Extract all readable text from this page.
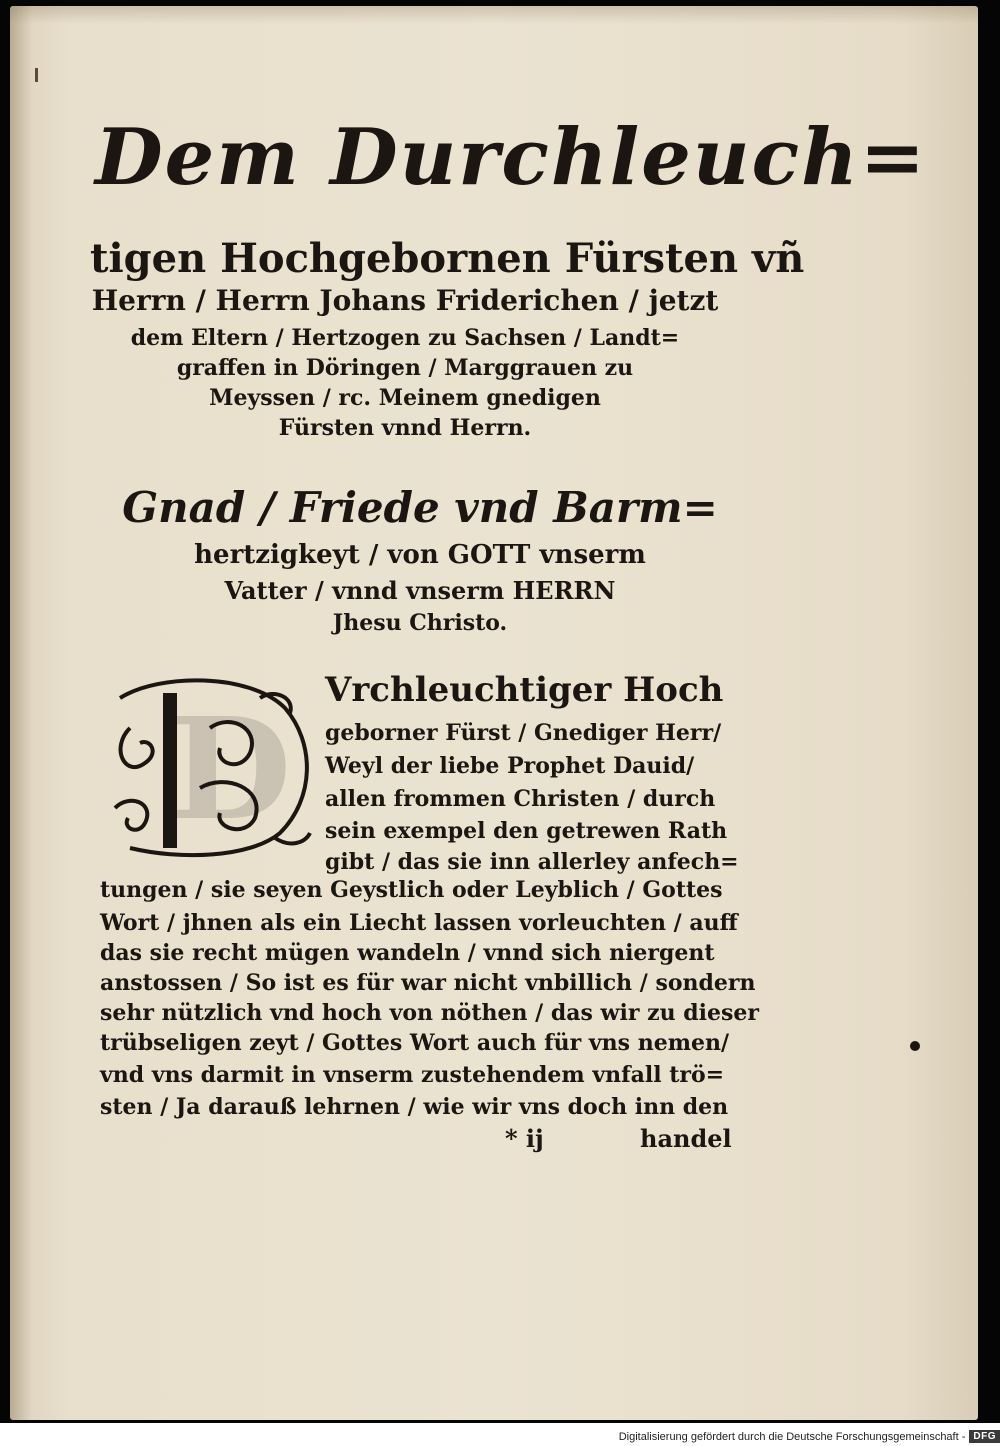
Dem Durchleuch=
tigen Hochgebornen Fürsten vñ
Herrn / Herrn Johans Friderichen / jetzt
dem Eltern / Hertzogen zu Sachsen / Landt=
graffen in Döringen / Marggrauen zu
Meyssen / rc. Meinem gnedigen
Fürsten vnnd Herrn.
Gnad / Friede vnd Barm=
hertzigkeyt / von GOTT vnserm
Vatter / vnnd vnserm HERRN
Jhesu Christo.
D Vrchleuchtiger Hoch
geborner Fürst / Gnediger Herr/
Weyl der liebe Prophet Dauid/
allen frommen Christen / durch
sein exempel den getrewen Rath
gibt / das sie inn allerley anfech=
tungen / sie seyen Geystlich oder Leyblich / Gottes
Wort / jhnen als ein Liecht lassen vorleuchten / auff
das sie recht mügen wandeln / vnnd sich niergent
anstossen / So ist es für war nicht vnbillich / sondern
sehr nützlich vnd hoch von nöthen / das wir zu dieser
trübseligen zeyt / Gottes Wort auch für vns nemen/
vnd vns darmit in vnserm zustehendem vnfall trö=
sten / Ja darauß lehrnen / wie wir vns doch inn den
* ij	handel
Digitalisierung gefördert durch die Deutsche Forschungsgemeinschaft - DFG
